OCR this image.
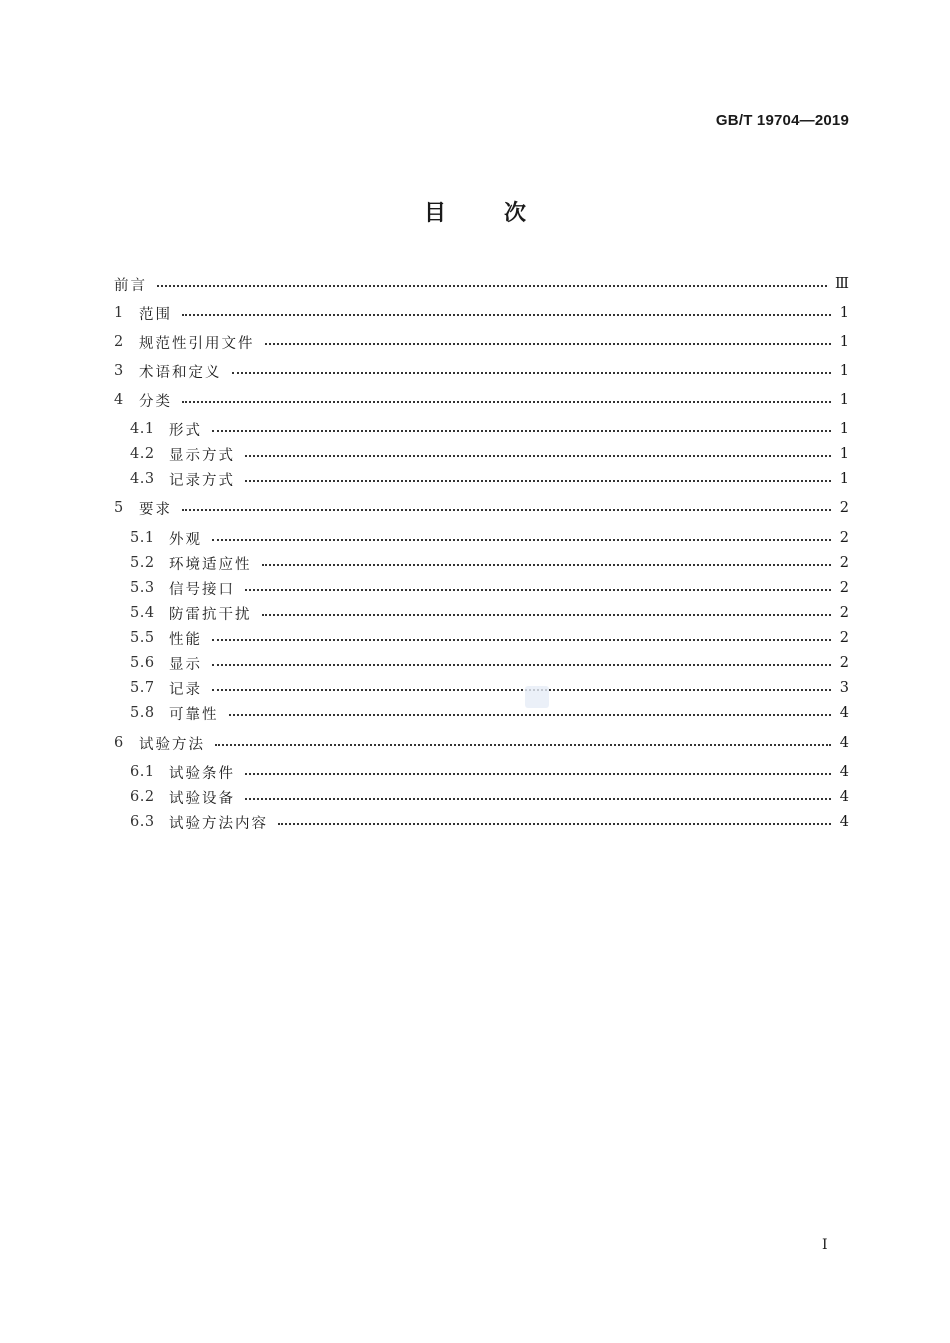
GB/T 19704—2019
目	次
前言	Ⅲ
1	范围	1
2	规范性引用文件	1
3	术语和定义	1
4	分类	1
4.1 形式	1
4.2 显示方式	1
4.3 记录方式	1
5	要求	2
5.1 外观	2
5.2 环境适应性	2
5.3 信号接口	2
5.4 防雷抗干扰	2
5.5 性能	2
5.6 显示	2
5.7 记录	3
5.8 可靠性	4
6	试验方法	4
6.1 试验条件	4
6.2 试验设备	4
6.3 试验方法内容	4
I
